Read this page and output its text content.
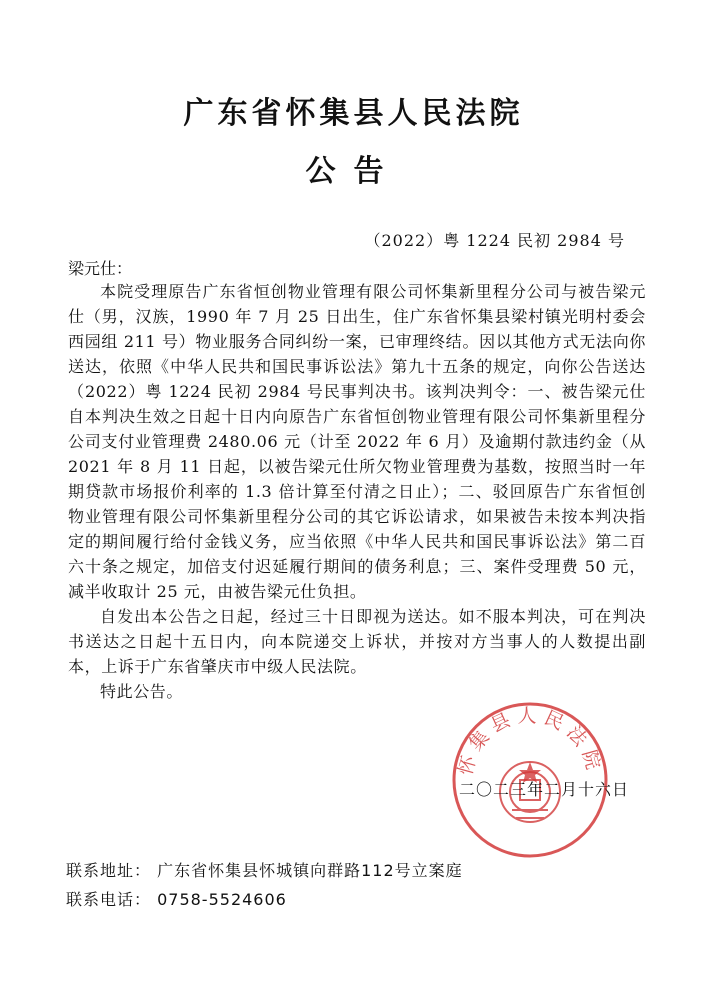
广东省怀集县人民法院
公告
（2022）粤 1224 民初 2984 号
梁元仕：

本院受理原告广东省恒创物业管理有限公司怀集新里程分公司与被告梁元仕（男，汉族，1990 年 7 月 25 日出生，住广东省怀集县梁村镇光明村委会西园组 211 号）物业服务合同纠纷一案，已审理终结。因以其他方式无法向你送达，依照《中华人民共和国民事诉讼法》第九十五条的规定，向你公告送达（2022）粤 1224 民初 2984 号民事判决书。该判决判令：一、被告梁元仕自本判决生效之日起十日内向原告广东省恒创物业管理有限公司怀集新里程分公司支付业管理费 2480.06 元（计至 2022 年 6 月）及逾期付款违约金（从 2021 年 8 月 11 日起，以被告梁元仕所欠物业管理费为基数，按照当时一年期贷款市场报价利率的 1.3 倍计算至付清之日止）；二、驳回原告广东省恒创物业管理有限公司怀集新里程分公司的其它诉讼请求，如果被告未按本判决指定的期间履行给付金钱义务，应当依照《中华人民共和国民事诉讼法》第二百六十条之规定，加倍支付迟延履行期间的债务利息；三、案件受理费 50 元，减半收取计 25 元，由被告梁元仕负担。

自发出本公告之日起，经过三十日即视为送达。如不服本判决，可在判决书送达之日起十五日内，向本院递交上诉状，并按对方当事人的人数提出副本，上诉于广东省肇庆市中级人民法院。

特此公告。

怀集县人民法院
二〇二三年二月十六日
联系地址： 广东省怀集县怀城镇向群路112号立案庭
联系电话： 0758-5524606
